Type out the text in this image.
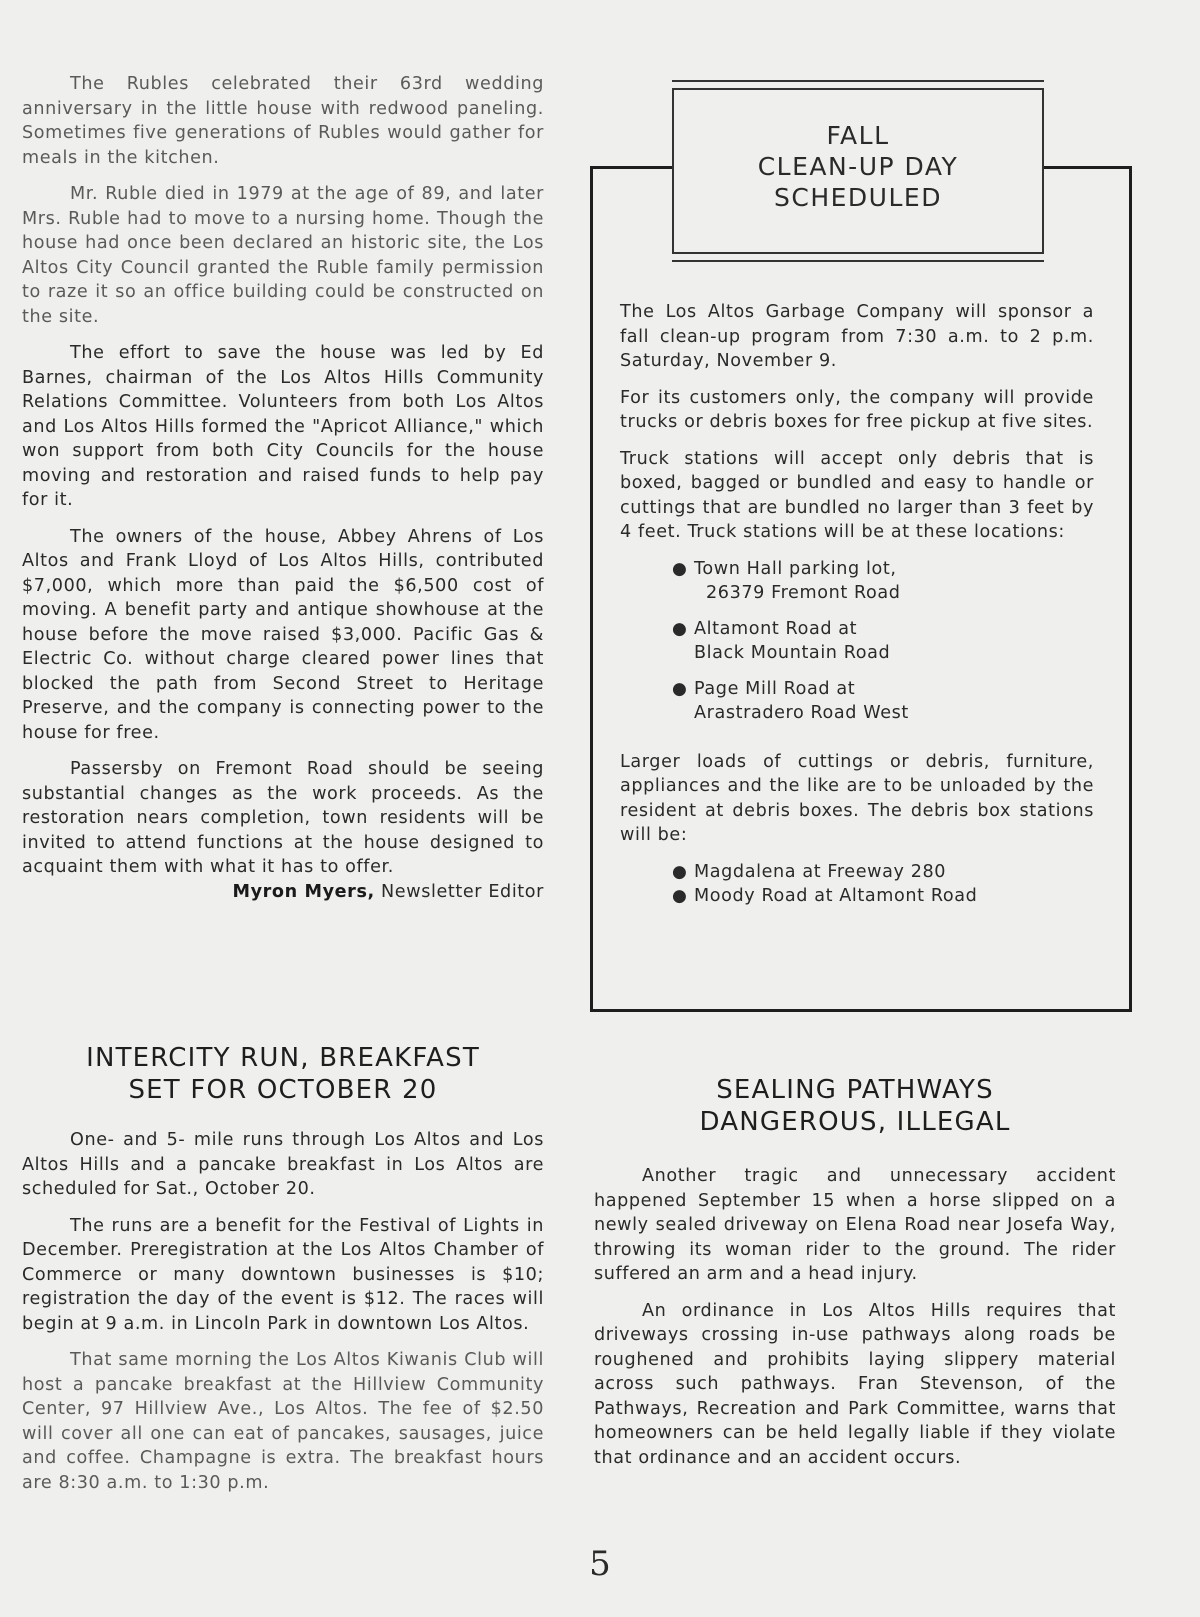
The Rubles celebrated their 63rd wedding anniversary in the little house with redwood paneling. Sometimes five generations of Rubles would gather for meals in the kitchen.

Mr. Ruble died in 1979 at the age of 89, and later Mrs. Ruble had to move to a nursing home. Though the house had once been declared an historic site, the Los Altos City Council granted the Ruble family permission to raze it so an office building could be constructed on the site.

The effort to save the house was led by Ed Barnes, chairman of the Los Altos Hills Community Relations Committee. Volunteers from both Los Altos and Los Altos Hills formed the "Apricot Alliance," which won support from both City Councils for the house moving and restoration and raised funds to help pay for it.

The owners of the house, Abbey Ahrens of Los Altos and Frank Lloyd of Los Altos Hills, contributed $7,000, which more than paid the $6,500 cost of moving. A benefit party and antique showhouse at the house before the move raised $3,000. Pacific Gas & Electric Co. without charge cleared power lines that blocked the path from Second Street to Heritage Preserve, and the company is connecting power to the house for free.

Passersby on Fremont Road should be seeing substantial changes as the work proceeds. As the restoration nears completion, town residents will be invited to attend functions at the house designed to acquaint them with what it has to offer.

Myron Myers, Newsletter Editor

FALL
CLEAN-UP DAY
SCHEDULED

The Los Altos Garbage Company will sponsor a fall clean-up program from 7:30 a.m. to 2 p.m. Saturday, November 9.

For its customers only, the company will provide trucks or debris boxes for free pickup at five sites.

Truck stations will accept only debris that is boxed, bagged or bundled and easy to handle or cuttings that are bundled no larger than 3 feet by 4 feet. Truck stations will be at these locations:

● Town Hall parking lot,
26379 Fremont Road
● Altamont Road at
Black Mountain Road
● Page Mill Road at
Arastradero Road West

Larger loads of cuttings or debris, furniture, appliances and the like are to be unloaded by the resident at debris boxes. The debris box stations will be:

● Magdalena at Freeway 280
● Moody Road at Altamont Road
INTERCITY RUN, BREAKFAST
SET FOR OCTOBER 20

One- and 5- mile runs through Los Altos and Los Altos Hills and a pancake breakfast in Los Altos are scheduled for Sat., October 20.

The runs are a benefit for the Festival of Lights in December. Preregistration at the Los Altos Chamber of Commerce or many downtown businesses is $10; registration the day of the event is $12. The races will begin at 9 a.m. in Lincoln Park in downtown Los Altos.

That same morning the Los Altos Kiwanis Club will host a pancake breakfast at the Hillview Community Center, 97 Hillview Ave., Los Altos. The fee of $2.50 will cover all one can eat of pancakes, sausages, juice and coffee. Champagne is extra. The breakfast hours are 8:30 a.m. to 1:30 p.m.

SEALING PATHWAYS
DANGEROUS, ILLEGAL

Another tragic and unnecessary accident happened September 15 when a horse slipped on a newly sealed driveway on Elena Road near Josefa Way, throwing its woman rider to the ground. The rider suffered an arm and a head injury.

An ordinance in Los Altos Hills requires that driveways crossing in-use pathways along roads be roughened and prohibits laying slippery material across such pathways. Fran Stevenson, of the Pathways, Recreation and Park Committee, warns that homeowners can be held legally liable if they violate that ordinance and an accident occurs.

5
